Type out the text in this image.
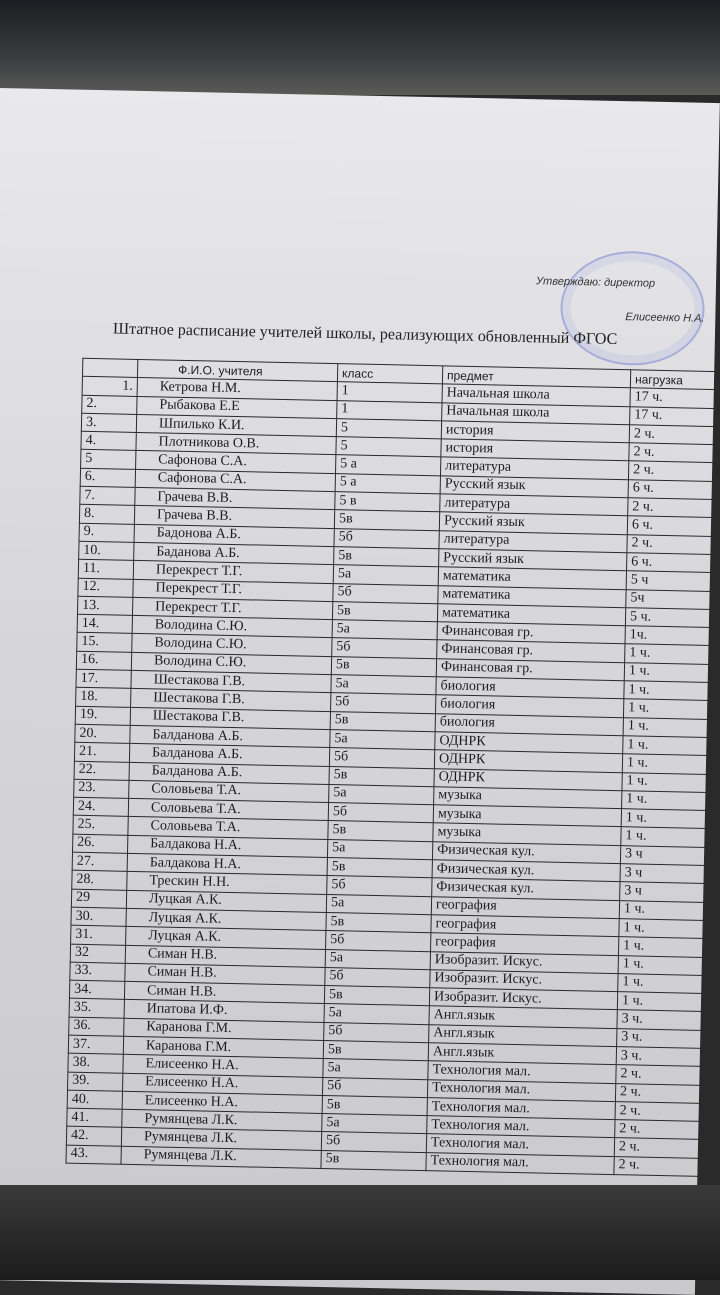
Утверждаю: директор
Елисеенко Н.А.
Штатное расписание учителей школы, реализующих обновленный ФГОС
	Ф.И.О. учителя	класс	предмет	нагрузка
1.	Кетрова Н.М.	1	Начальная школа	17 ч.
2.	Рыбакова Е.Е	1	Начальная школа	17 ч.
3.	Шпилько К.И.	5	история	2 ч.
4.	Плотникова О.В.	5	история	2 ч.
5	Сафонова С.А.	5 а	литература	2 ч.
6.	Сафонова С.А.	5 а	Русский язык	6 ч.
7.	Грачева В.В.	5 в	литература	2 ч.
8.	Грачева В.В.	5в	Русский язык	6 ч.
9.	Бадонова А.Б.	5б	литература	2 ч.
10.	Баданова А.Б.	5в	Русский язык	6 ч.
11.	Перекрест Т.Г.	5а	математика	5 ч
12.	Перекрест Т.Г.	5б	математика	5ч
13.	Перекрест Т.Г.	5в	математика	5 ч.
14.	Володина С.Ю.	5а	Финансовая гр.	1ч.
15.	Володина С.Ю.	5б	Финансовая гр.	1 ч.
16.	Володина С.Ю.	5в	Финансовая гр.	1 ч.
17.	Шестакова Г.В.	5а	биология	1 ч.
18.	Шестакова Г.В.	5б	биология	1 ч.
19.	Шестакова Г.В.	5в	биология	1 ч.
20.	Балданова А.Б.	5а	ОДНРК	1 ч.
21.	Балданова А.Б.	5б	ОДНРК	1 ч.
22.	Балданова А.Б.	5в	ОДНРК	1 ч.
23.	Соловьева Т.А.	5а	музыка	1 ч.
24.	Соловьева Т.А.	5б	музыка	1 ч.
25.	Соловьева Т.А.	5в	музыка	1 ч.
26.	Балдакова Н.А.	5а	Физическая кул.	3 ч
27.	Балдакова Н.А.	5в	Физическая кул.	3 ч
28.	Трескин Н.Н.	5б	Физическая кул.	3 ч
29	Луцкая А.К.	5а	география	1 ч.
30.	Луцкая А.К.	5в	география	1 ч.
31.	Луцкая А.К.	5б	география	1 ч.
32	Симан Н.В.	5а	Изобразит. Искус.	1 ч.
33.	Симан Н.В.	5б	Изобразит. Искус.	1 ч.
34.	Симан Н.В.	5в	Изобразит. Искус.	1 ч.
35.	Ипатова И.Ф.	5а	Англ.язык	3 ч.
36.	Каранова Г.М.	5б	Англ.язык	3 ч.
37.	Каранова Г.М.	5в	Англ.язык	3 ч.
38.	Елисеенко Н.А.	5а	Технология мал.	2 ч.
39.	Елисеенко Н.А.	5б	Технология мал.	2 ч.
40.	Елисеенко Н.А.	5в	Технология мал.	2 ч.
41.	Румянцева Л.К.	5а	Технология мал.	2 ч.
42.	Румянцева Л.К.	5б	Технология мал.	2 ч.
43.	Румянцева Л.К.	5в	Технология мал.	2 ч.
